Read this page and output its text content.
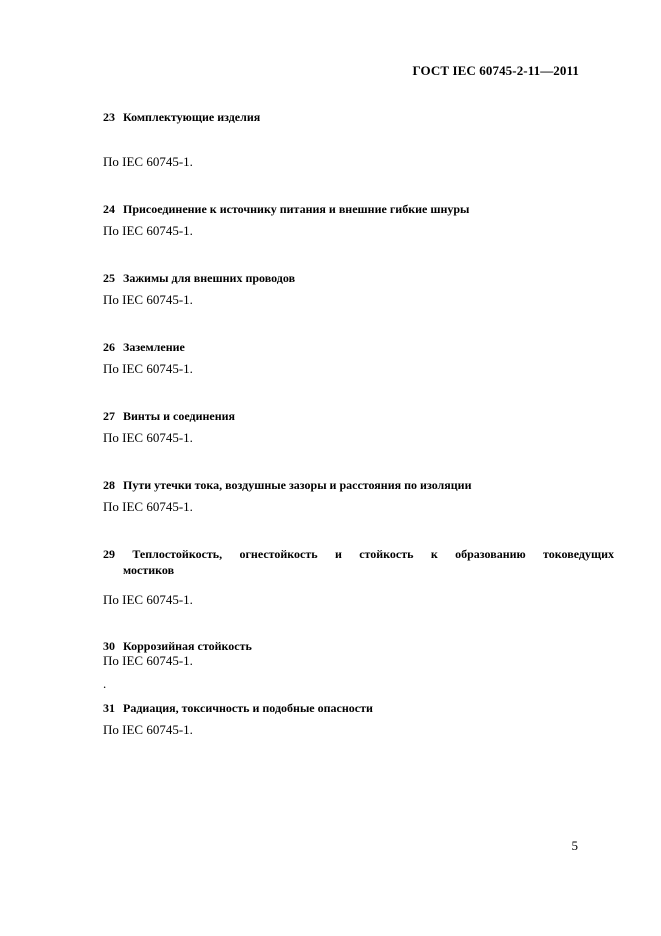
ГОСТ IEC 60745-2-11—2011
23 Комплектующие изделия
По IEC 60745-1.
24 Присоединение к источнику питания и внешние гибкие шнуры
По IEC 60745-1.
25 Зажимы для внешних проводов
По IEC 60745-1.
26 Заземление
По IEC 60745-1.
27 Винты и соединения
По IEC 60745-1.
28 Пути утечки тока, воздушные зазоры и расстояния по изоляции
По IEC 60745-1.
29 Теплостойкость, огнестойкость и стойкость к образованию токоведущих
мостиков
По IEC 60745-1.
30 Коррозийная стойкость
По IEC 60745-1.
.
31 Радиация, токсичность и подобные опасности
По IEC 60745-1.
5
